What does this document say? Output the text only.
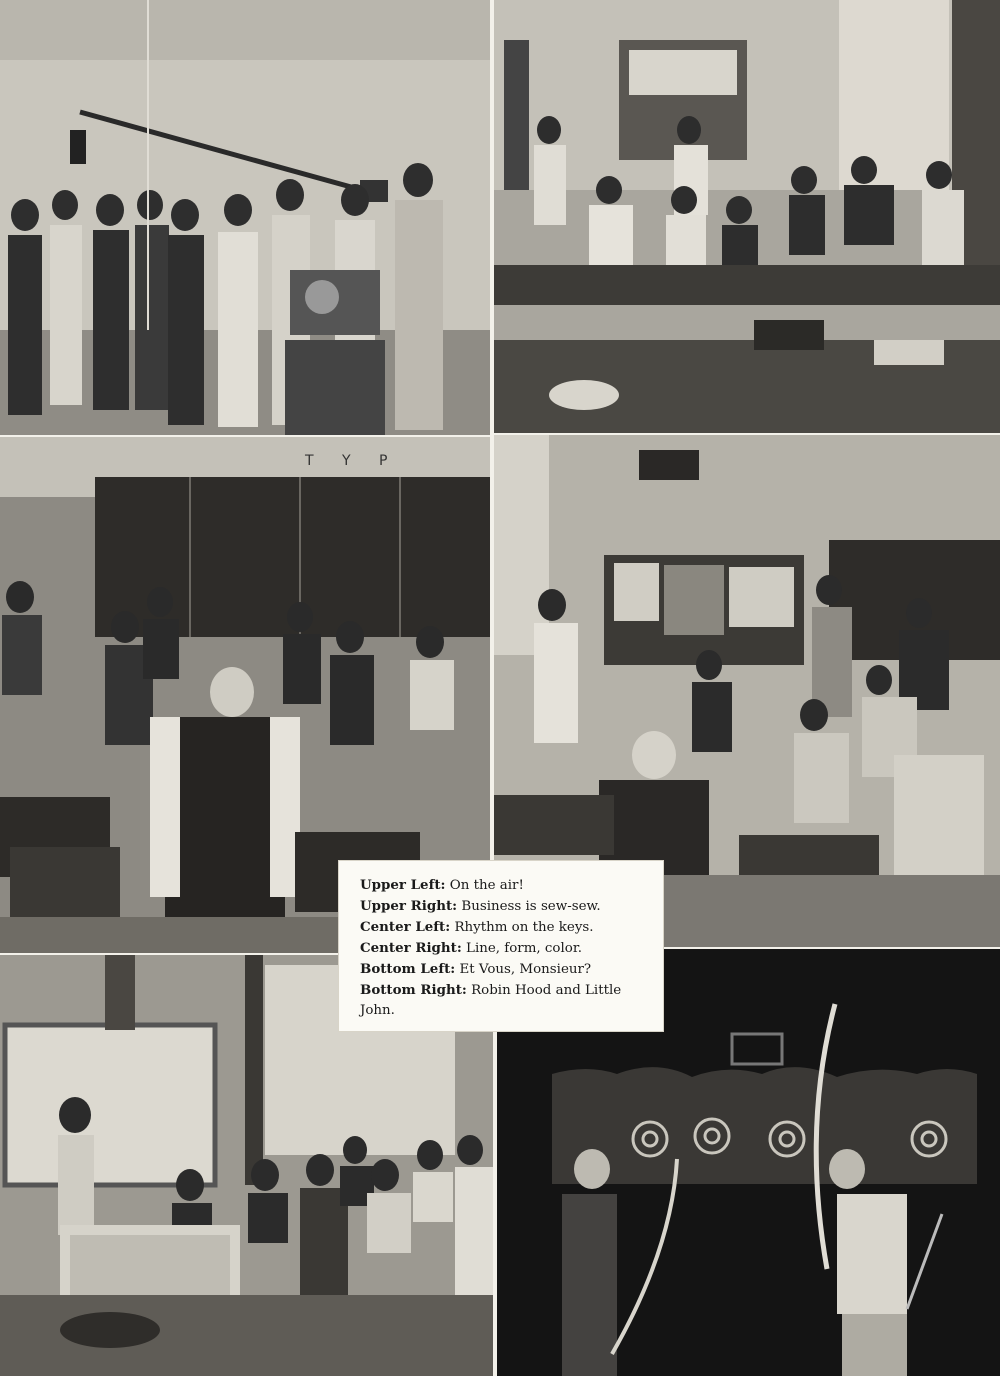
T Y P

Upper Left: On the air!

Upper Right: Business is sew-sew.

Center Left: Rhythm on the keys.

Center Right: Line, form, color.

Bottom Left: Et Vous, Monsieur?

Bottom Right: Robin Hood and Little John.
